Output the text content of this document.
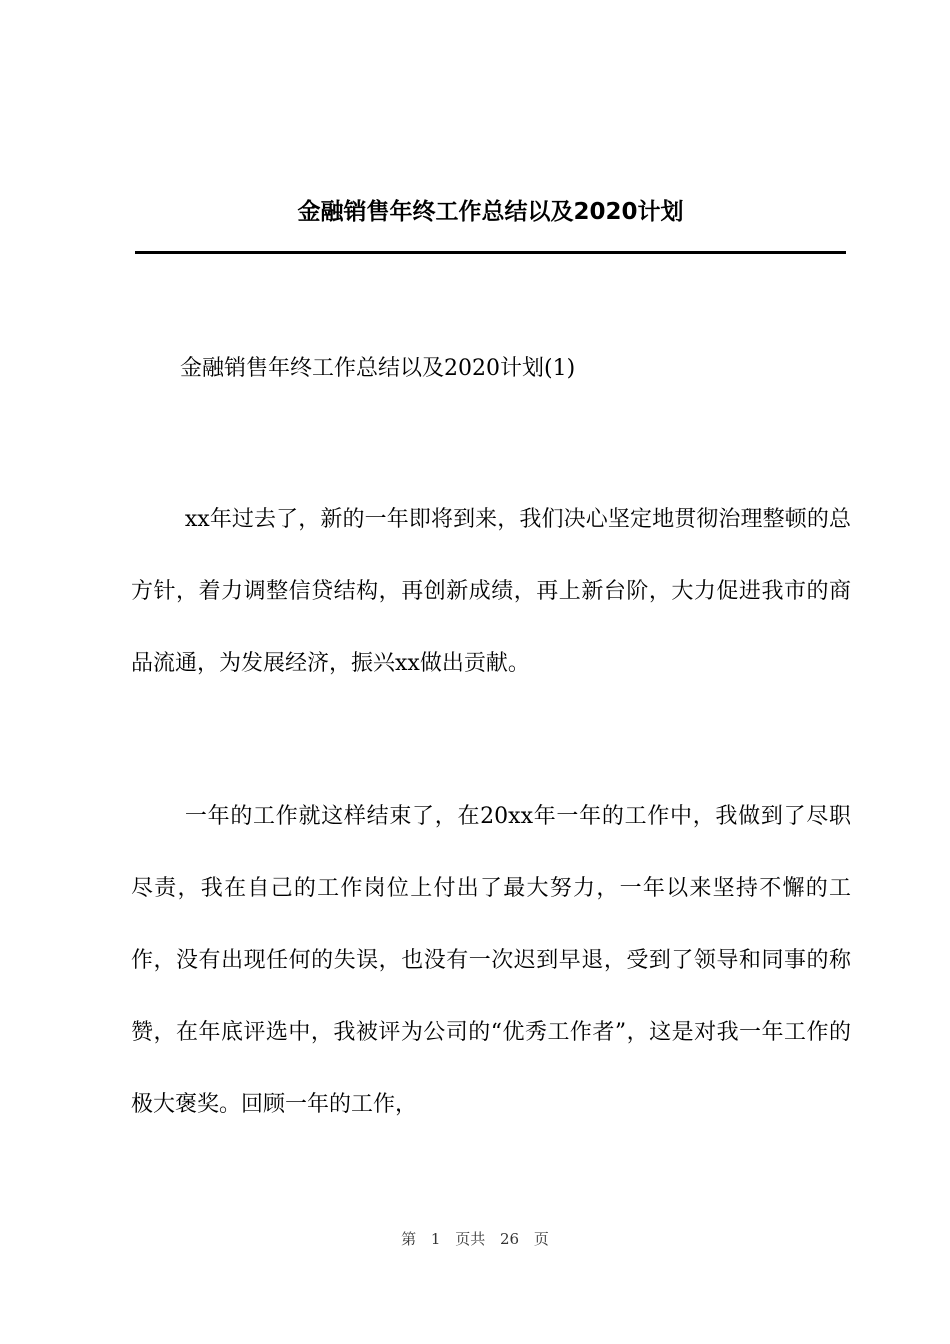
金融销售年终工作总结以及2020计划
金融销售年终工作总结以及2020计划(1)

xx年过去了，新的一年即将到来，我们决心坚定地贯彻治理整顿的总方针，着力调整信贷结构，再创新成绩，再上新台阶，大力促进我市的商品流通，为发展经济，振兴xx做出贡献。

一年的工作就这样结束了，在20xx年一年的工作中，我做到了尽职尽责，我在自己的工作岗位上付出了最大努力，一年以来坚持不懈的工作，没有出现任何的失误，也没有一次迟到早退，受到了领导和同事的称赞，在年底评选中，我被评为公司的“优秀工作者”，这是对我一年工作的极大褒奖。回顾一年的工作，

第 1 页共 26 页
